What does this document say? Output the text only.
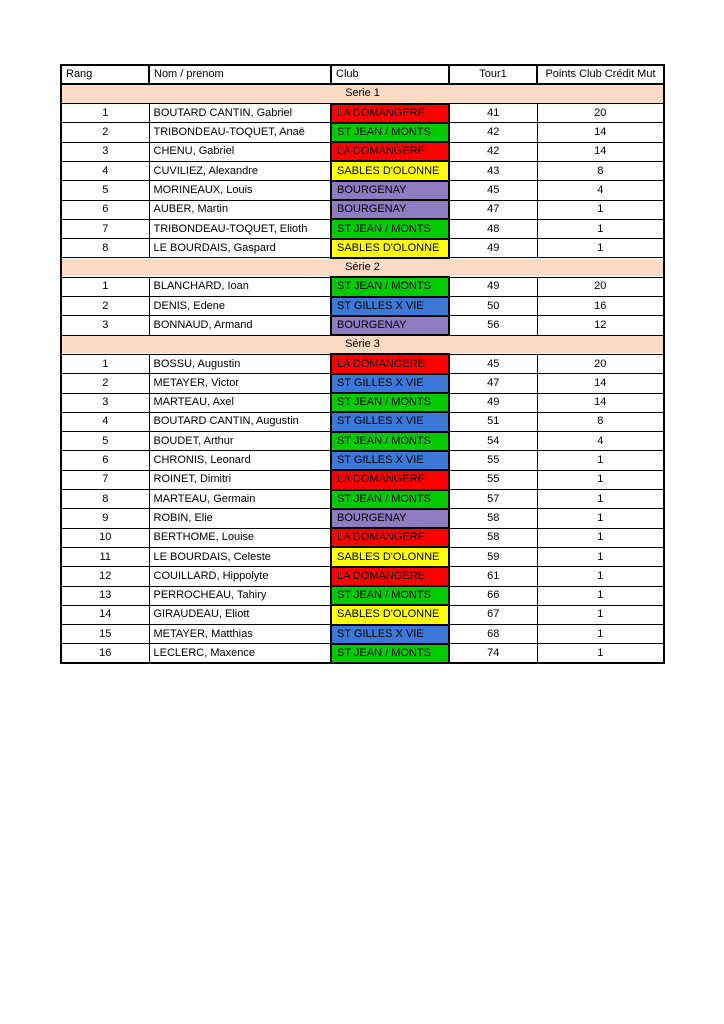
Rang	Nom / prenom	Club	Tour1	Points Club Crédit Mut
Serie 1				
1	BOUTARD CANTIN, Gabriel	LA DOMANGERE	41	20
2	TRIBONDEAU-TOQUET, Anaë	ST JEAN / MONTS	42	14
3	CHENU, Gabriel	LA DOMANGERE	42	14
4	CUVILIEZ, Alexandre	SABLES D'OLONNE	43	8
5	MORINEAUX, Louis	BOURGENAY	45	4
6	AUBER, Martin	BOURGENAY	47	1
7	TRIBONDEAU-TOQUET, Elioth	ST JEAN / MONTS	48	1
8	LE BOURDAIS, Gaspard	SABLES D'OLONNE	49	1
Série 2				
1	BLANCHARD, Ioan	ST JEAN / MONTS	49	20
2	DENIS, Edene	ST GILLES X VIE	50	16
3	BONNAUD, Armand	BOURGENAY	56	12
Série 3				
1	BOSSU, Augustin	LA DOMANGERE	45	20
2	METAYER, Victor	ST GILLES X VIE	47	14
3	MARTEAU, Axel	ST JEAN / MONTS	49	14
4	BOUTARD CANTIN, Augustin	ST GILLES X VIE	51	8
5	BOUDET, Arthur	ST JEAN / MONTS	54	4
6	CHRONIS, Leonard	ST GILLES X VIE	55	1
7	ROINET, Dimitri	LA DOMANGERE	55	1
8	MARTEAU, Germain	ST JEAN / MONTS	57	1
9	ROBIN, Elie	BOURGENAY	58	1
10	BERTHOME, Louise	LA DOMANGERE	58	1
11	LE BOURDAIS, Celeste	SABLES D'OLONNE	59	1
12	COUILLARD, Hippolyte	LA DOMANGERE	61	1
13	PERROCHEAU, Tahiry	ST JEAN / MONTS	66	1
14	GIRAUDEAU, Eliott	SABLES D'OLONNE	67	1
15	METAYER, Matthias	ST GILLES X VIE	68	1
16	LECLERC, Maxence	ST JEAN / MONTS	74	1
